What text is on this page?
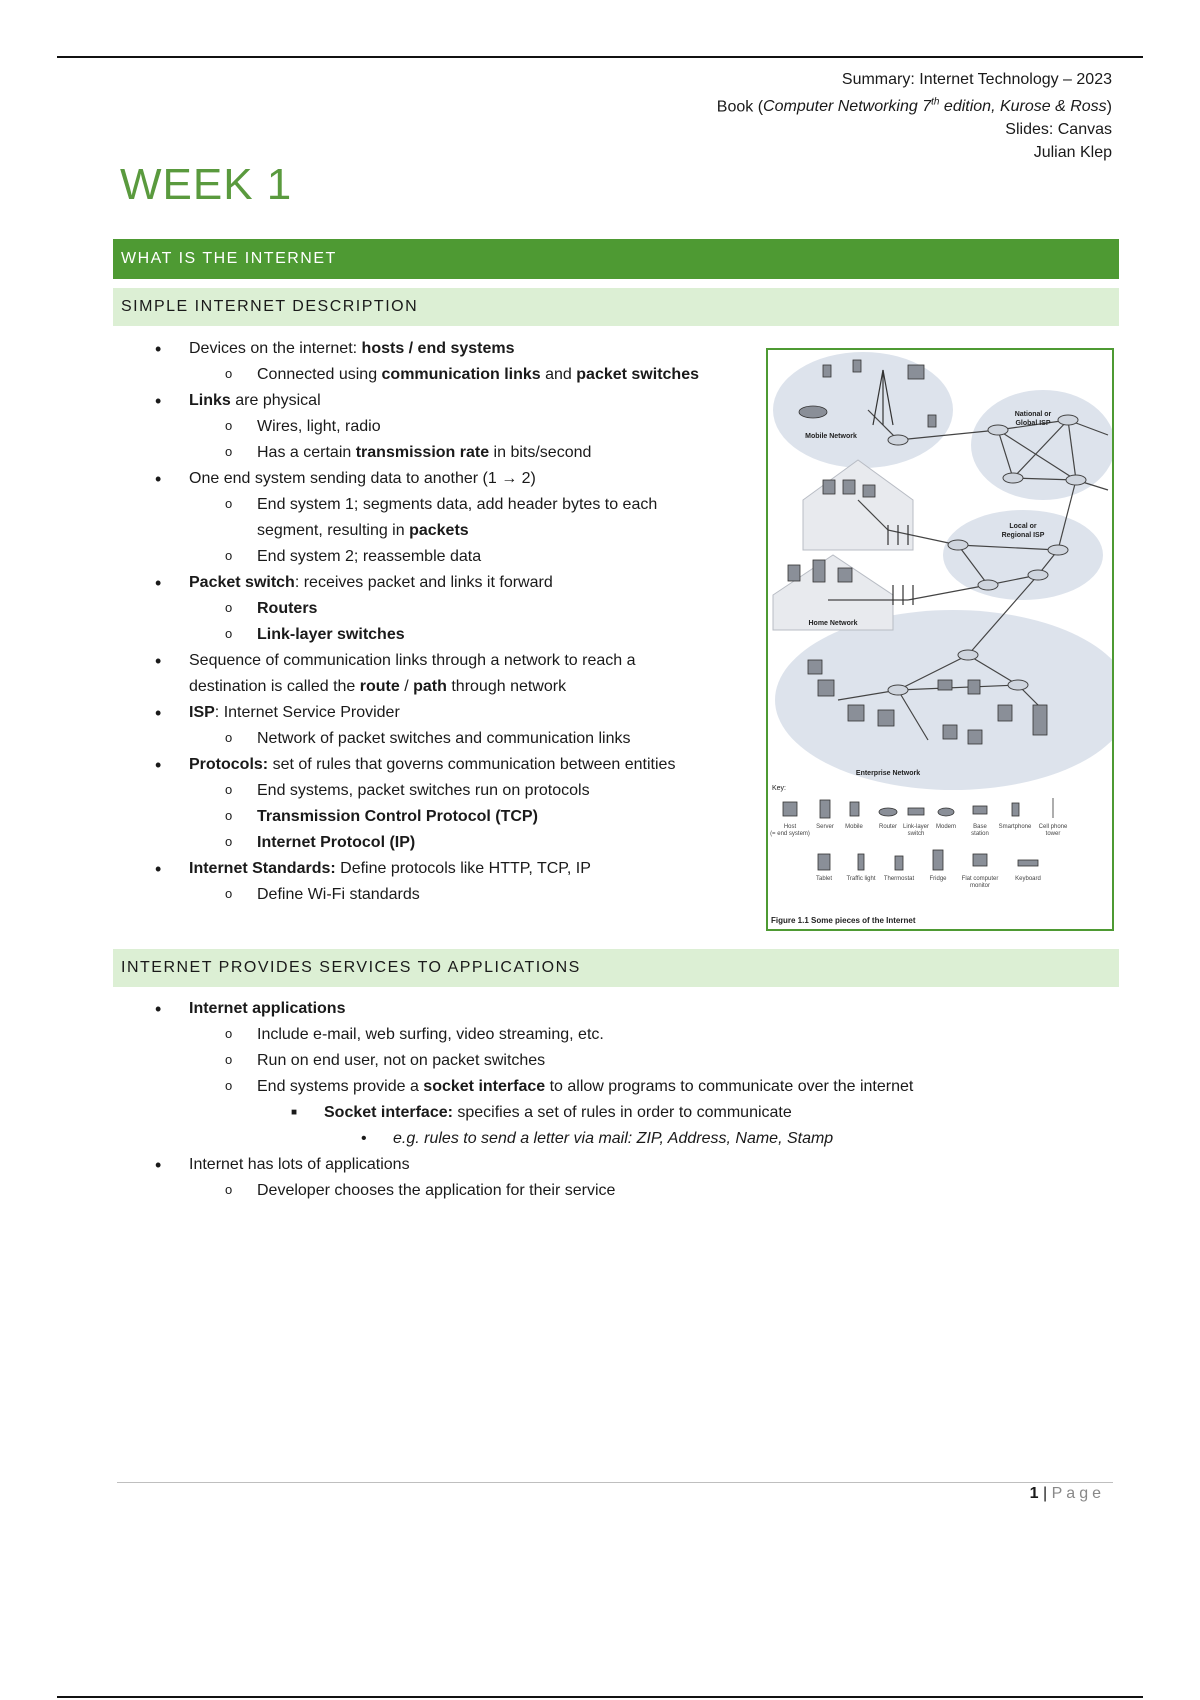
Summary: Internet Technology – 2023
Book (Computer Networking 7th edition, Kurose & Ross)
Slides: Canvas
Julian Klep
WEEK 1
WHAT IS THE INTERNET
SIMPLE INTERNET DESCRIPTION
• Devices on the internet: hosts / end systems
o Connected using communication links and packet switches
• Links are physical
o Wires, light, radio
o Has a certain transmission rate in bits/second
• One end system sending data to another (1 → 2)
o End system 1; segments data, add header bytes to each
segment, resulting in packets
o End system 2; reassemble data
• Packet switch: receives packet and links it forward
o Routers
o Link-layer switches
• Sequence of communication links through a network to reach a
destination is called the route / path through network
• ISP: Internet Service Provider
o Network of packet switches and communication links
• Protocols: set of rules that governs communication between entities
o End systems, packet switches run on protocols
o Transmission Control Protocol (TCP)
o Internet Protocol (IP)
• Internet Standards: Define protocols like HTTP, TCP, IP
o Define Wi-Fi standards
Mobile Network
National or
Global ISP
Local or
Regional ISP
Home Network
Enterprise Network
Key:
Host	Server Mobile	Router Link-layer Modem	Base Smartphone Cell phone
(= end system)	switch	station	tower
Tablet Traffic light Thermostat	Fridge	Flat computer	Keyboard
monitor
Figure 1.1 Some pieces of the Internet
INTERNET PROVIDES SERVICES TO APPLICATIONS
• Internet applications
o Include e-mail, web surfing, video streaming, etc.
o Run on end user, not on packet switches
o End systems provide a socket interface to allow programs to communicate over the internet
■ Socket interface: specifies a set of rules in order to communicate
• e.g. rules to send a letter via mail: ZIP, Address, Name, Stamp
• Internet has lots of applications
o Developer chooses the application for their service
1 | Page
